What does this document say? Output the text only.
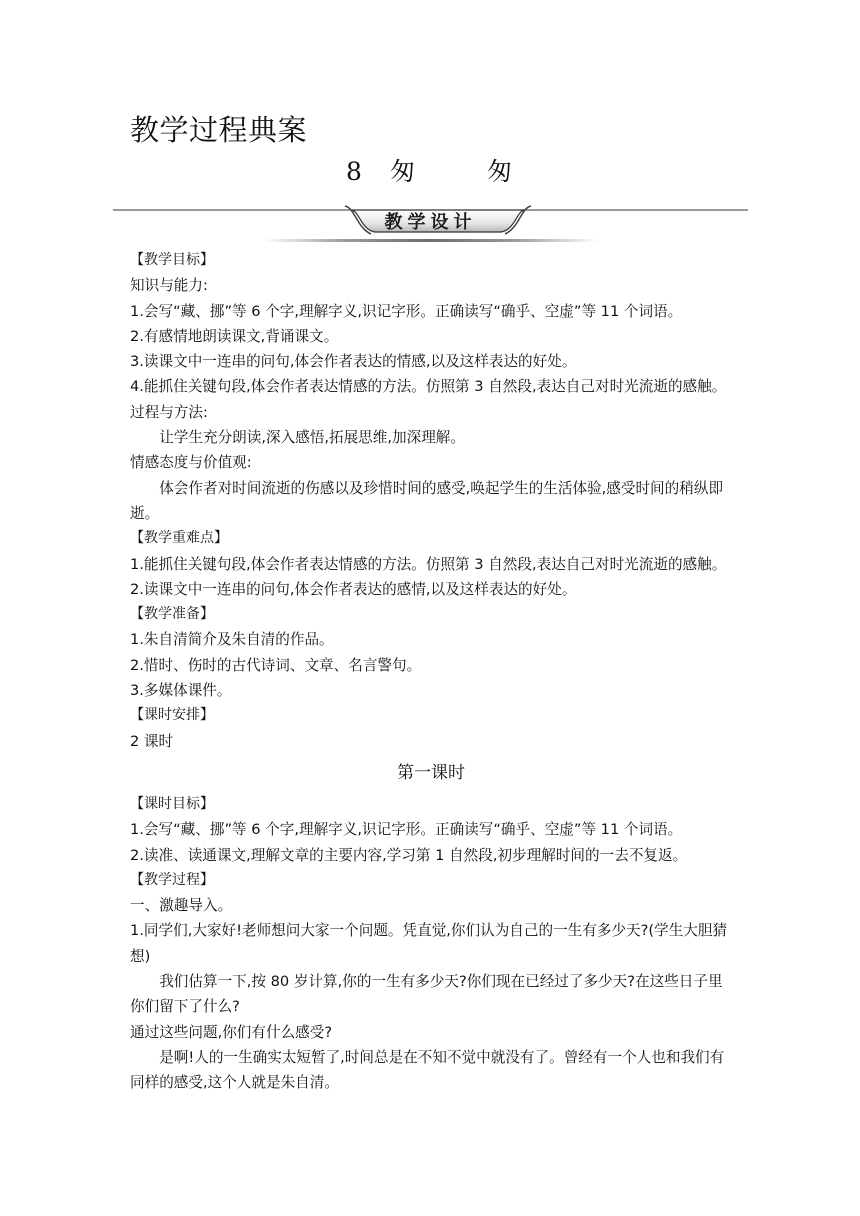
教学过程典案
8 匆	匆
教学设计

【教学目标】

知识与能力:

1.会写“藏、挪”等 6 个字,理解字义,识记字形。正确读写“确乎、空虚”等 11 个词语。

2.有感情地朗读课文,背诵课文。

3.读课文中一连串的问句,体会作者表达的情感,以及这样表达的好处。

4.能抓住关键句段,体会作者表达情感的方法。仿照第 3 自然段,表达自己对时光流逝的感触。

过程与方法:

让学生充分朗读,深入感悟,拓展思维,加深理解。

情感态度与价值观:

体会作者对时间流逝的伤感以及珍惜时间的感受,唤起学生的生活体验,感受时间的稍纵即逝。

【教学重难点】

1.能抓住关键句段,体会作者表达情感的方法。仿照第 3 自然段,表达自己对时光流逝的感触。

2.读课文中一连串的问句,体会作者表达的感情,以及这样表达的好处。

【教学准备】

1.朱自清简介及朱自清的作品。

2.惜时、伤时的古代诗词、文章、名言警句。

3.多媒体课件。

【课时安排】

2 课时

第一课时

【课时目标】

1.会写“藏、挪”等 6 个字,理解字义,识记字形。正确读写“确乎、空虚”等 11 个词语。

2.读准、读通课文,理解文章的主要内容,学习第 1 自然段,初步理解时间的一去不复返。

【教学过程】

一、激趣导入。

1.同学们,大家好!老师想问大家一个问题。凭直觉,你们认为自己的一生有多少天?(学生大胆猜想)

我们估算一下,按 80 岁计算,你的一生有多少天?你们现在已经过了多少天?在这些日子里你们留下了什么?

通过这些问题,你们有什么感受?

是啊!人的一生确实太短暂了,时间总是在不知不觉中就没有了。曾经有一个人也和我们有同样的感受,这个人就是朱自清。
